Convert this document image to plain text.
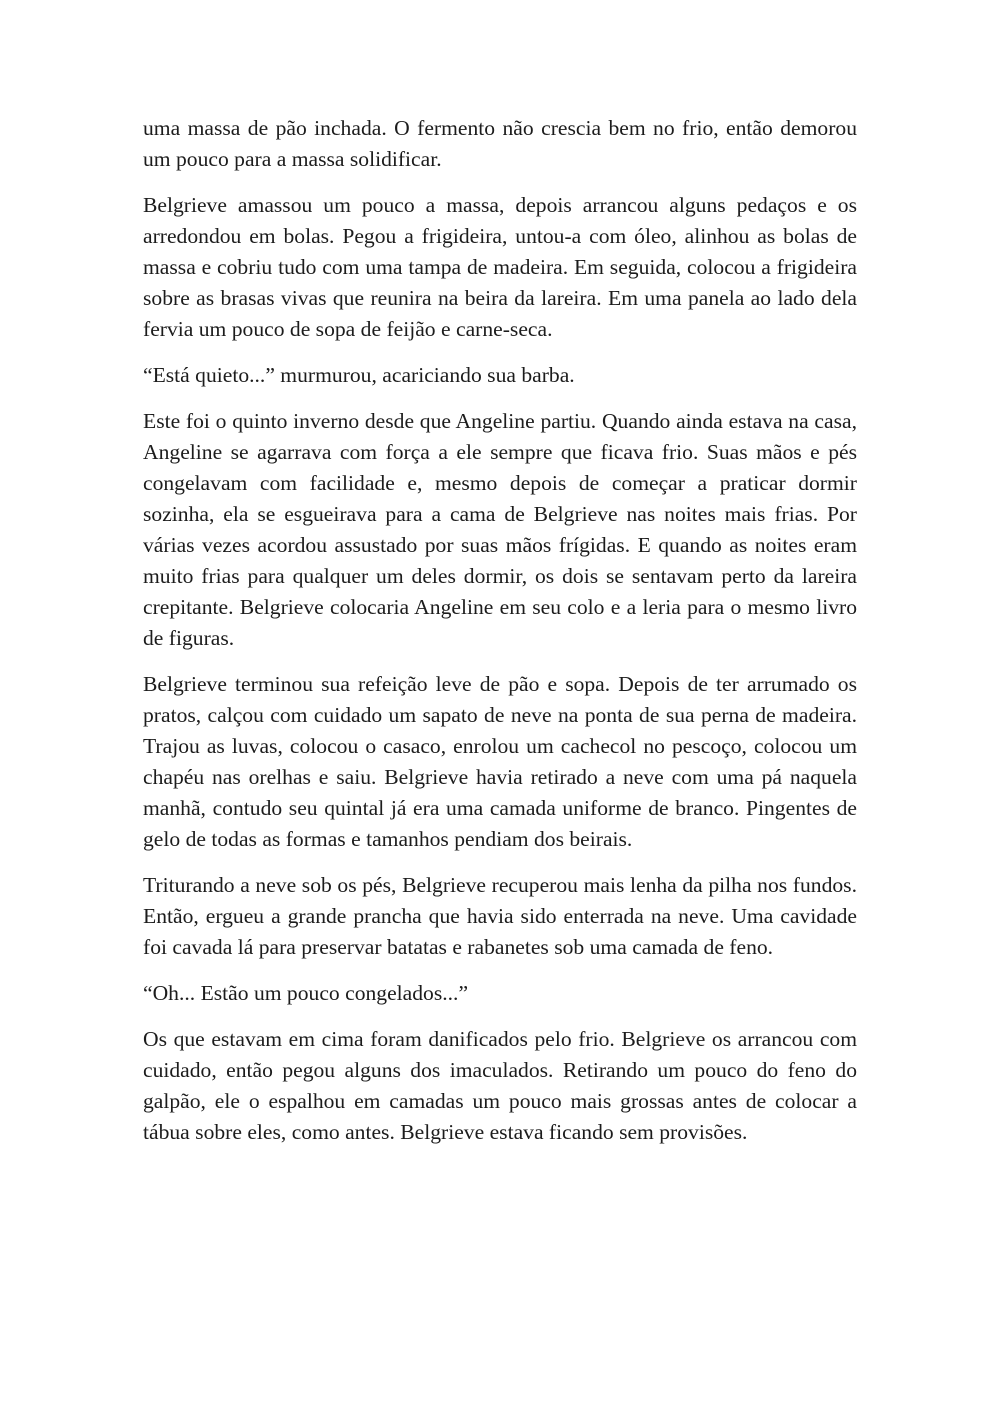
uma massa de pão inchada. O fermento não crescia bem no frio, então demorou um pouco para a massa solidificar.

Belgrieve amassou um pouco a massa, depois arrancou alguns pedaços e os arredondou em bolas. Pegou a frigideira, untou-a com óleo, alinhou as bolas de massa e cobriu tudo com uma tampa de madeira. Em seguida, colocou a frigideira sobre as brasas vivas que reunira na beira da lareira. Em uma panela ao lado dela fervia um pouco de sopa de feijão e carne-seca.

“Está quieto...” murmurou, acariciando sua barba.

Este foi o quinto inverno desde que Angeline partiu. Quando ainda estava na casa, Angeline se agarrava com força a ele sempre que ficava frio. Suas mãos e pés congelavam com facilidade e, mesmo depois de começar a praticar dormir sozinha, ela se esgueirava para a cama de Belgrieve nas noites mais frias. Por várias vezes acordou assustado por suas mãos frígidas. E quando as noites eram muito frias para qualquer um deles dormir, os dois se sentavam perto da lareira crepitante. Belgrieve colocaria Angeline em seu colo e a leria para o mesmo livro de figuras.

Belgrieve terminou sua refeição leve de pão e sopa. Depois de ter arrumado os pratos, calçou com cuidado um sapato de neve na ponta de sua perna de madeira. Trajou as luvas, colocou o casaco, enrolou um cachecol no pescoço, colocou um chapéu nas orelhas e saiu. Belgrieve havia retirado a neve com uma pá naquela manhã, contudo seu quintal já era uma camada uniforme de branco. Pingentes de gelo de todas as formas e tamanhos pendiam dos beirais.

Triturando a neve sob os pés, Belgrieve recuperou mais lenha da pilha nos fundos. Então, ergueu a grande prancha que havia sido enterrada na neve. Uma cavidade foi cavada lá para preservar batatas e rabanetes sob uma camada de feno.

“Oh... Estão um pouco congelados...”

Os que estavam em cima foram danificados pelo frio. Belgrieve os arrancou com cuidado, então pegou alguns dos imaculados. Retirando um pouco do feno do galpão, ele o espalhou em camadas um pouco mais grossas antes de colocar a tábua sobre eles, como antes. Belgrieve estava ficando sem provisões.
